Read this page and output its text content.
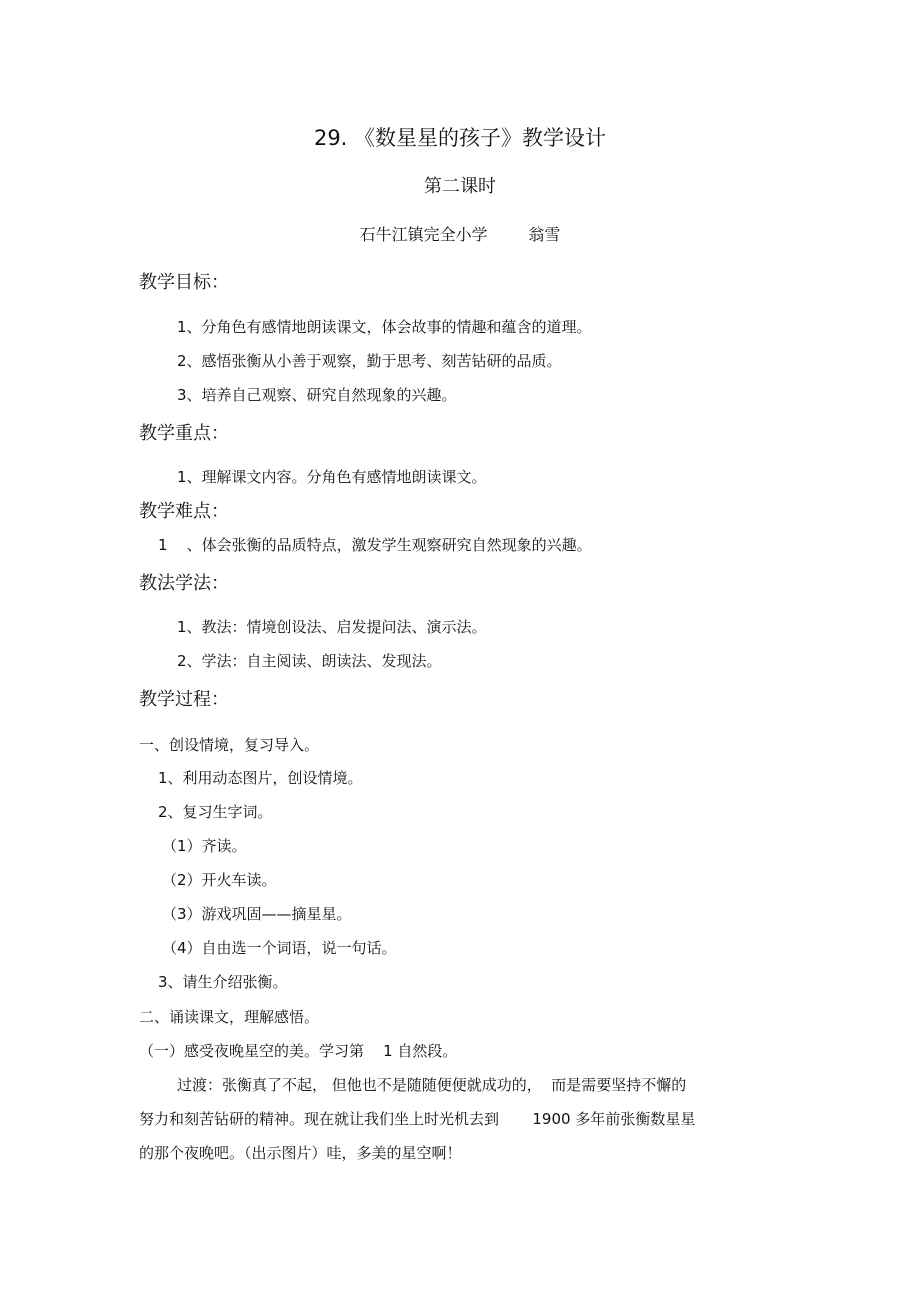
29. 《数星星的孩子》教学设计
第二课时
石牛江镇完全小学        翁雪
教学目标：
1、分角色有感情地朗读课文，体会故事的情趣和蕴含的道理。
2、感悟张衡从小善于观察，勤于思考、刻苦钻研的品质。
3、培养自己观察、研究自然现象的兴趣。
教学重点：
1、理解课文内容。分角色有感情地朗读课文。
教学难点：
1    、体会张衡的品质特点，激发学生观察研究自然现象的兴趣。
教法学法：
1、教法：情境创设法、启发提问法、演示法。
2、学法：自主阅读、朗读法、发现法。
教学过程：
一、创设情境，复习导入。
1、利用动态图片，创设情境。
2、复习生字词。
（1）齐读。
（2）开火车读。
（3）游戏巩固——摘星星。
（4）自由选一个词语，说一句话。
3、请生介绍张衡。
二、诵读课文，理解感悟。
（一）感受夜晚星空的美。学习第    1 自然段。
过渡：张衡真了不起， 但他也不是随随便便就成功的，  而是需要坚持不懈的
努力和刻苦钻研的精神。现在就让我们坐上时光机去到       1900 多年前张衡数星星
的那个夜晚吧。（出示图片）哇，多美的星空啊！
